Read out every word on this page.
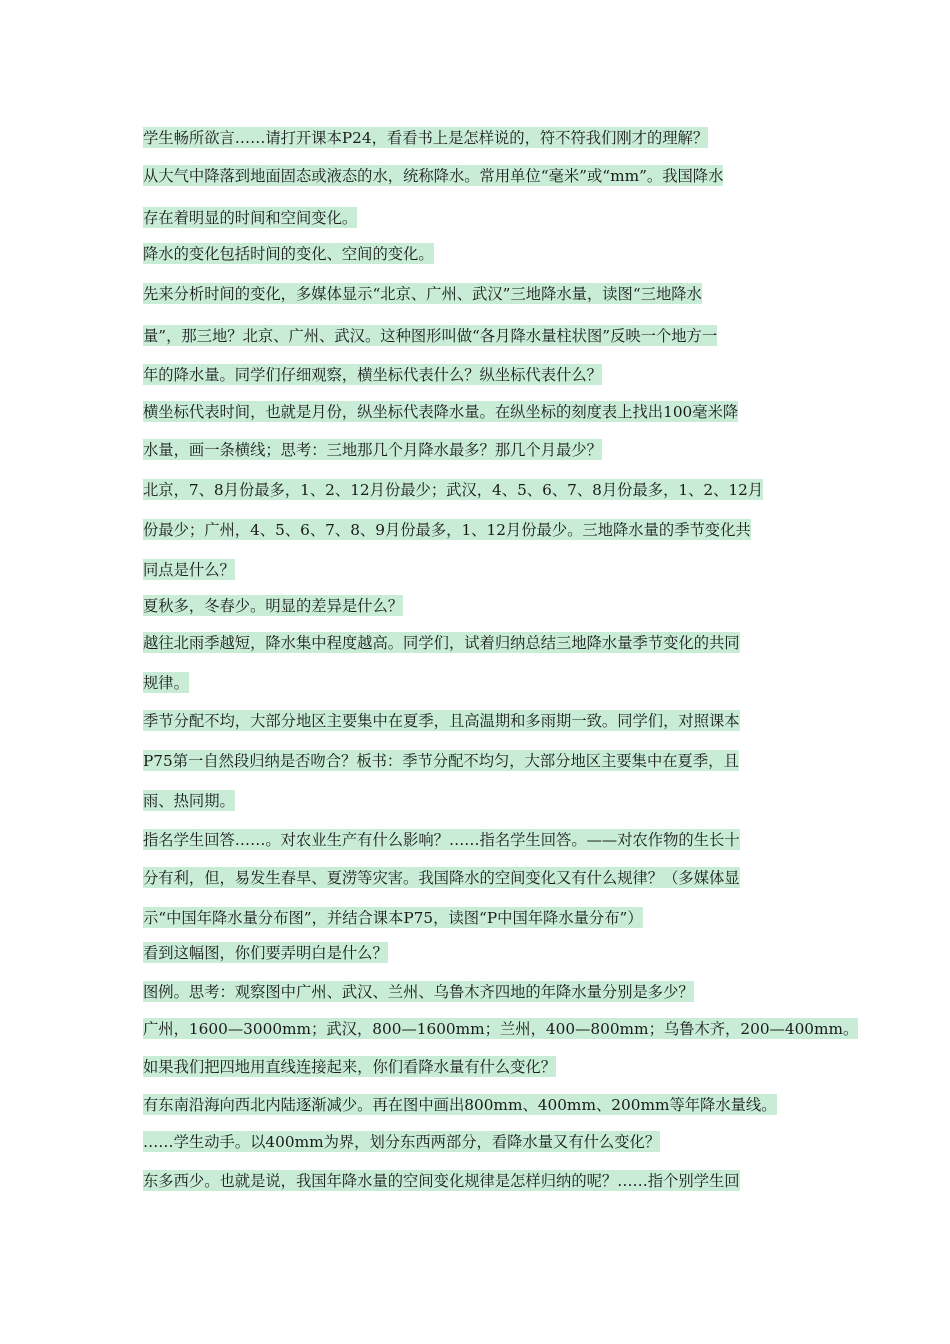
学生畅所欲言……请打开课本P24，看看书上是怎样说的，符不符我们刚才的理解？
从大气中降落到地面固态或液态的水，统称降水。常用单位“毫米”或“mm”。我国降水
存在着明显的时间和空间变化。
降水的变化包括时间的变化、空间的变化。
先来分析时间的变化，多媒体显示“北京、广州、武汉”三地降水量，读图“三地降水
量”，那三地？北京、广州、武汉。这种图形叫做“各月降水量柱状图”反映一个地方一
年的降水量。同学们仔细观察，横坐标代表什么？纵坐标代表什么？
横坐标代表时间，也就是月份，纵坐标代表降水量。在纵坐标的刻度表上找出100毫米降
水量，画一条横线；思考：三地那几个月降水最多？那几个月最少？
北京，7、8月份最多，1、2、12月份最少；武汉，4、5、6、7、8月份最多，1、2、12月
份最少；广州，4、5、6、7、8、9月份最多，1、12月份最少。三地降水量的季节变化共
同点是什么？
夏秋多，冬春少。明显的差异是什么？
越往北雨季越短，降水集中程度越高。同学们，试着归纳总结三地降水量季节变化的共同
规律。
季节分配不均，大部分地区主要集中在夏季，且高温期和多雨期一致。同学们，对照课本
P75第一自然段归纳是否吻合？板书：季节分配不均匀，大部分地区主要集中在夏季，且
雨、热同期。
指名学生回答……。对农业生产有什么影响？……指名学生回答。——对农作物的生长十
分有利，但，易发生春旱、夏涝等灾害。我国降水的空间变化又有什么规律？（多媒体显
示“中国年降水量分布图”，并结合课本P75，读图“P中国年降水量分布”）
看到这幅图，你们要弄明白是什么？
图例。思考：观察图中广州、武汉、兰州、乌鲁木齐四地的年降水量分别是多少？
广州，1600—3000mm；武汉，800—1600mm；兰州，400—800mm；乌鲁木齐，200—400mm。
如果我们把四地用直线连接起来，你们看降水量有什么变化？
有东南沿海向西北内陆逐渐减少。再在图中画出800mm、400mm、200mm等年降水量线。
……学生动手。以400mm为界，划分东西两部分，看降水量又有什么变化？
东多西少。也就是说，我国年降水量的空间变化规律是怎样归纳的呢？……指个别学生回
